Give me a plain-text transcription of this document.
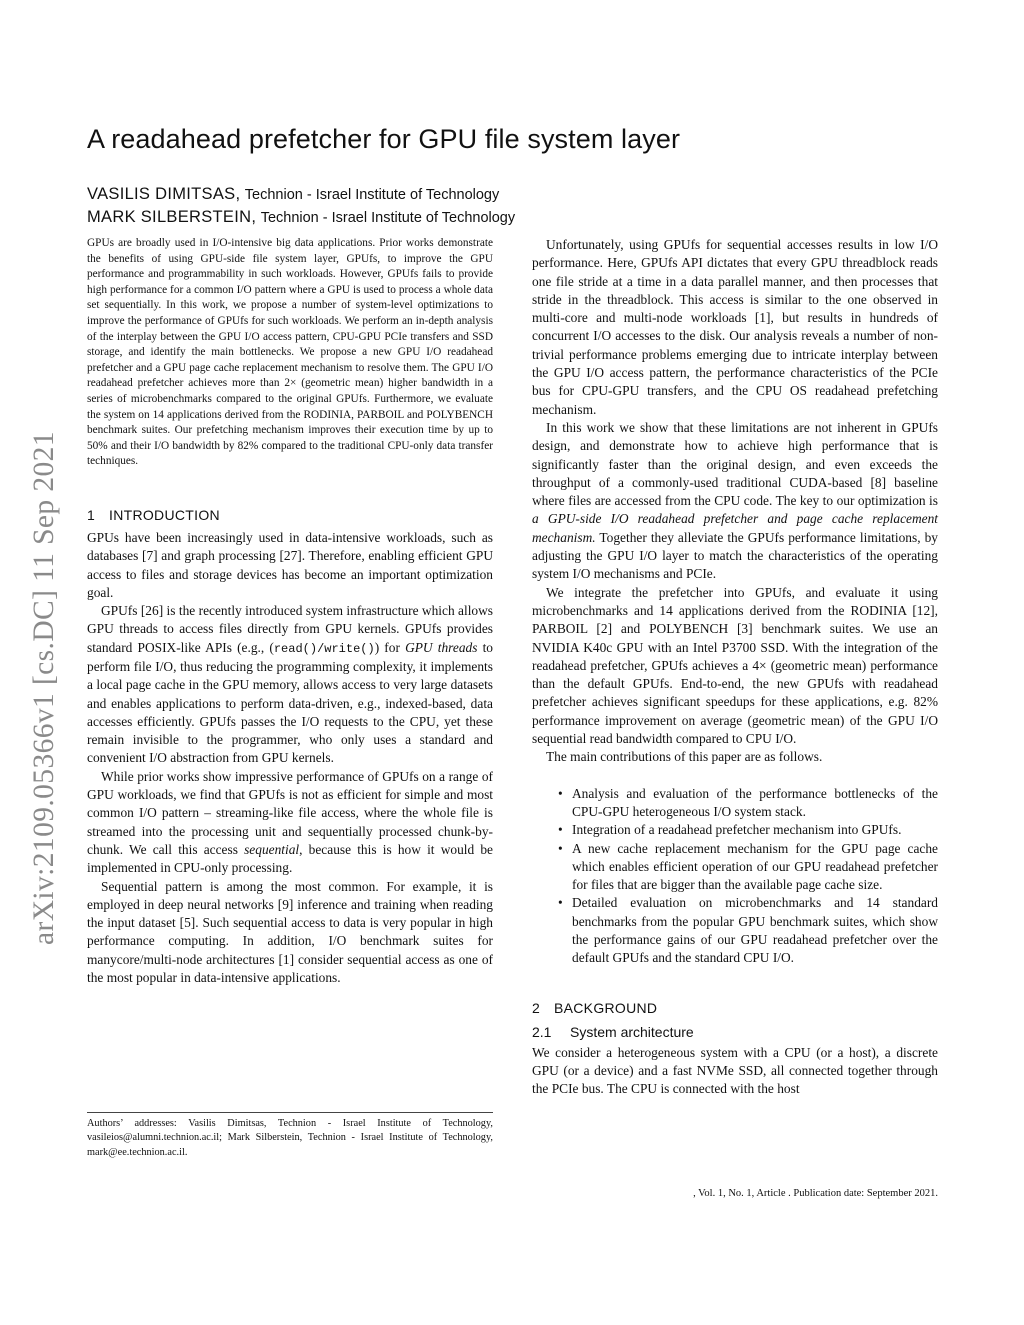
A readahead prefetcher for GPU file system layer
VASILIS DIMITSAS, Technion - Israel Institute of Technology
MARK SILBERSTEIN, Technion - Israel Institute of Technology
arXiv:2109.05366v1 [cs.DC] 11 Sep 2021

GPUs are broadly used in I/O-intensive big data applications. Prior works demonstrate the benefits of using GPU-side file system layer, GPUfs, to improve the GPU performance and programmability in such workloads. However, GPUfs fails to provide high performance for a common I/O pattern where a GPU is used to process a whole data set sequentially. In this work, we propose a number of system-level optimizations to improve the performance of GPUfs for such workloads. We perform an in-depth analysis of the interplay between the GPU I/O access pattern, CPU-GPU PCIe transfers and SSD storage, and identify the main bottlenecks. We propose a new GPU I/O readahead prefetcher and a GPU page cache replacement mechanism to resolve them. The GPU I/O readahead prefetcher achieves more than 2× (geometric mean) higher bandwidth in a series of microbenchmarks compared to the original GPUfs. Furthermore, we evaluate the system on 14 applications derived from the RODINIA, PARBOIL and POLYBENCH benchmark suites. Our prefetching mechanism improves their execution time by up to 50% and their I/O bandwidth by 82% compared to the traditional CPU-only data transfer techniques.

1 INTRODUCTION

GPUs have been increasingly used in data-intensive workloads, such as databases [7] and graph processing [27]. Therefore, enabling efficient GPU access to files and storage devices has become an important optimization goal.

GPUfs [26] is the recently introduced system infrastructure which allows GPU threads to access files directly from GPU kernels. GPUfs provides standard POSIX-like APIs (e.g., (read()/write()) for GPU threads to perform file I/O, thus reducing the programming complexity, it implements a local page cache in the GPU memory, allows access to very large datasets and enables applications to perform data-driven, e.g., indexed-based, data accesses efficiently. GPUfs passes the I/O requests to the CPU, yet these remain invisible to the programmer, who only uses a standard and convenient I/O abstraction from GPU kernels.

While prior works show impressive performance of GPUfs on a range of GPU workloads, we find that GPUfs is not as efficient for simple and most common I/O pattern – streaming-like file access, where the whole file is streamed into the processing unit and sequentially processed chunk-by-chunk. We call this access sequential, because this is how it would be implemented in CPU-only processing.

Sequential pattern is among the most common. For example, it is employed in deep neural networks [9] inference and training when reading the input dataset [5]. Such sequential access to data is very popular in high performance computing. In addition, I/O benchmark suites for manycore/multi-node architectures [1] consider sequential access as one of the most popular in data-intensive applications.

Authors’ addresses: Vasilis Dimitsas, Technion - Israel Institute of Technology, vasileios@alumni.technion.ac.il; Mark Silberstein, Technion - Israel Institute of Technology, mark@ee.technion.ac.il.

Unfortunately, using GPUfs for sequential accesses results in low I/O performance. Here, GPUfs API dictates that every GPU threadblock reads one file stride at a time in a data parallel manner, and then processes that stride in the threadblock. This access is similar to the one observed in multi-core and multi-node workloads [1], but results in hundreds of concurrent I/O accesses to the disk. Our analysis reveals a number of non-trivial performance problems emerging due to intricate interplay between the GPU I/O access pattern, the performance characteristics of the PCIe bus for CPU-GPU transfers, and the CPU OS readahead prefetching mechanism.

In this work we show that these limitations are not inherent in GPUfs design, and demonstrate how to achieve high performance that is significantly faster than the original design, and even exceeds the throughput of a commonly-used traditional CUDA-based [8] baseline where files are accessed from the CPU code. The key to our optimization is a GPU-side I/O readahead prefetcher and page cache replacement mechanism. Together they alleviate the GPUfs performance limitations, by adjusting the GPU I/O layer to match the characteristics of the operating system I/O mechanisms and PCIe.

We integrate the prefetcher into GPUfs, and evaluate it using microbenchmarks and 14 applications derived from the RODINIA [12], PARBOIL [2] and POLYBENCH [3] benchmark suites. We use an NVIDIA K40c GPU with an Intel P3700 SSD. With the integration of the readahead prefetcher, GPUfs achieves a 4× (geometric mean) performance than the default GPUfs. End-to-end, the new GPUfs with readahead prefetcher achieves significant speedups for these applications, e.g. 82% performance improvement on average (geometric mean) of the GPU I/O sequential read bandwidth compared to CPU I/O.

The main contributions of this paper are as follows.

• Analysis and evaluation of the performance bottlenecks of the CPU-GPU heterogeneous I/O system stack.
• Integration of a readahead prefetcher mechanism into GPUfs.
• A new cache replacement mechanism for the GPU page cache which enables efficient operation of our GPU readahead prefetcher for files that are bigger than the available page cache size.
• Detailed evaluation on microbenchmarks and 14 standard benchmarks from the popular GPU benchmark suites, which show the performance gains of our GPU readahead prefetcher over the default GPUfs and the standard CPU I/O.
2 BACKGROUND
2.1 System architecture

We consider a heterogeneous system with a CPU (or a host), a discrete GPU (or a device) and a fast NVMe SSD, all connected together through the PCIe bus. The CPU is connected with the host

, Vol. 1, No. 1, Article . Publication date: September 2021.
